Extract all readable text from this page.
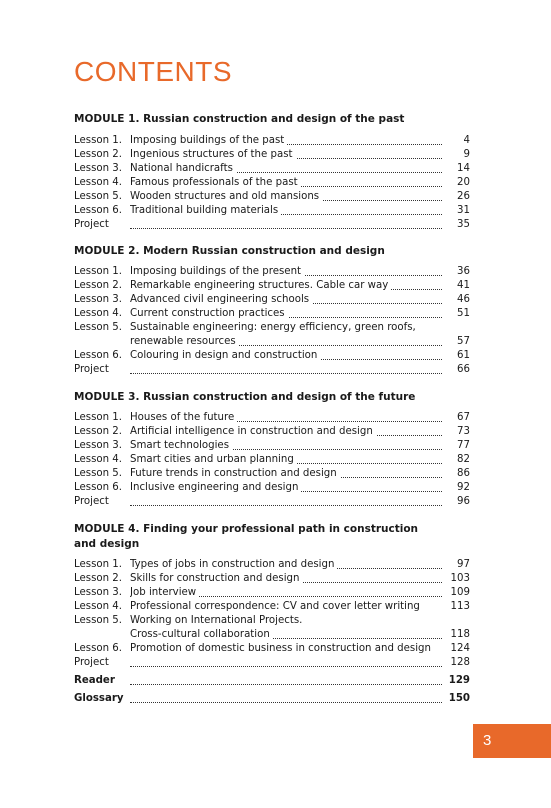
CONTENTS
MODULE 1. Russian construction and design of the past
Lesson 1. Imposing buildings of the past	4
Lesson 2. Ingenious structures of the past	9
Lesson 3. National handicrafts	14
Lesson 4. Famous professionals of the past	20
Lesson 5. Wooden structures and old mansions	26
Lesson 6. Traditional building materials	31
Project	35
MODULE 2. Modern Russian construction and design
Lesson 1. Imposing buildings of the present	36
Lesson 2. Remarkable engineering structures. Cable car way	41
Lesson 3. Advanced civil engineering schools	46
Lesson 4. Current construction practices	51
Lesson 5. Sustainable engineering: energy efficiency, green roofs,
renewable resources	57
Lesson 6. Colouring in design and construction	61
Project	66
MODULE 3. Russian construction and design of the future
Lesson 1. Houses of the future	67
Lesson 2. Artificial intelligence in construction and design	73
Lesson 3. Smart technologies	77
Lesson 4. Smart cities and urban planning	82
Lesson 5. Future trends in construction and design	86
Lesson 6. Inclusive engineering and design	92
Project	96
MODULE 4. Finding your professional path in construction
and design
Lesson 1. Types of jobs in construction and design	97
Lesson 2. Skills for construction and design	103
Lesson 3. Job interview	109
Lesson 4. Professional correspondence: CV and cover letter writing	113
Lesson 5. Working on International Projects.
Cross-cultural collaboration	118
Lesson 6. Promotion of domestic business in construction and design	124
Project	128
Reader	129
Glossary	150
3
